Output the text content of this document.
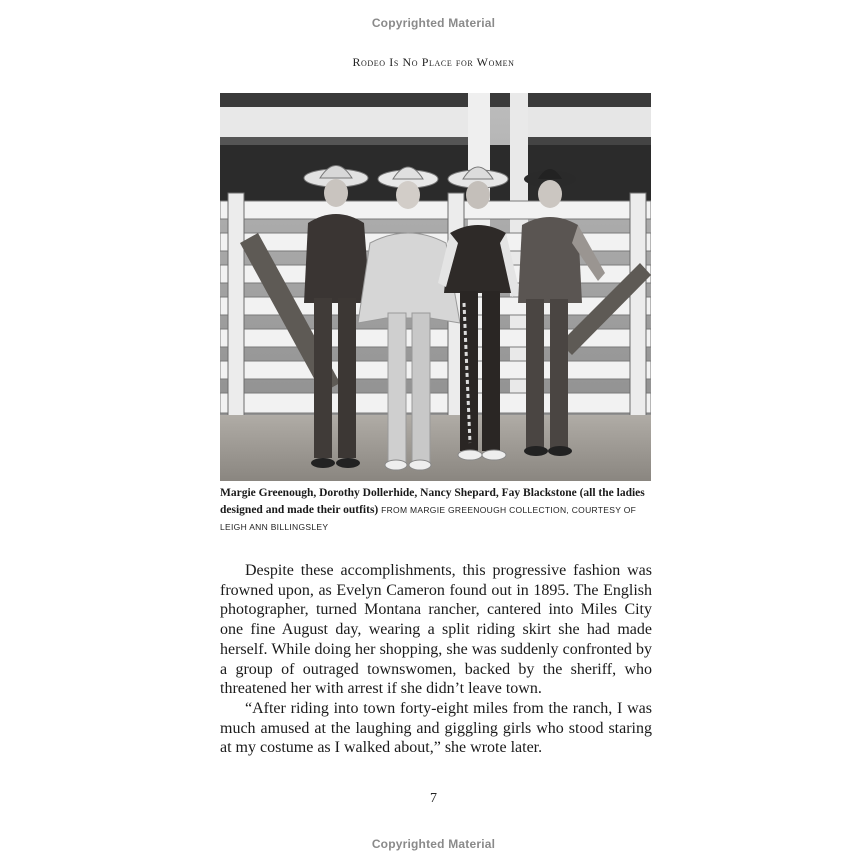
Copyrighted Material
Rodeo Is No Place for Women
Margie Greenough, Dorothy Dollerhide, Nancy Shepard, Fay Blackstone (all the ladies designed and made their outfits) FROM MARGIE GREENOUGH COLLECTION, COURTESY OF LEIGH ANN BILLINGSLEY

Despite these accomplishments, this progressive fashion was frowned upon, as Evelyn Cameron found out in 1895. The English photographer, turned Montana rancher, cantered into Miles City one fine August day, wearing a split riding skirt she had made herself. While doing her shopping, she was suddenly confronted by a group of outraged townswomen, backed by the sheriff, who threatened her with arrest if she didn’t leave town.

“After riding into town forty-eight miles from the ranch, I was much amused at the laughing and giggling girls who stood staring at my costume as I walked about,” she wrote later.

7
Copyrighted Material
